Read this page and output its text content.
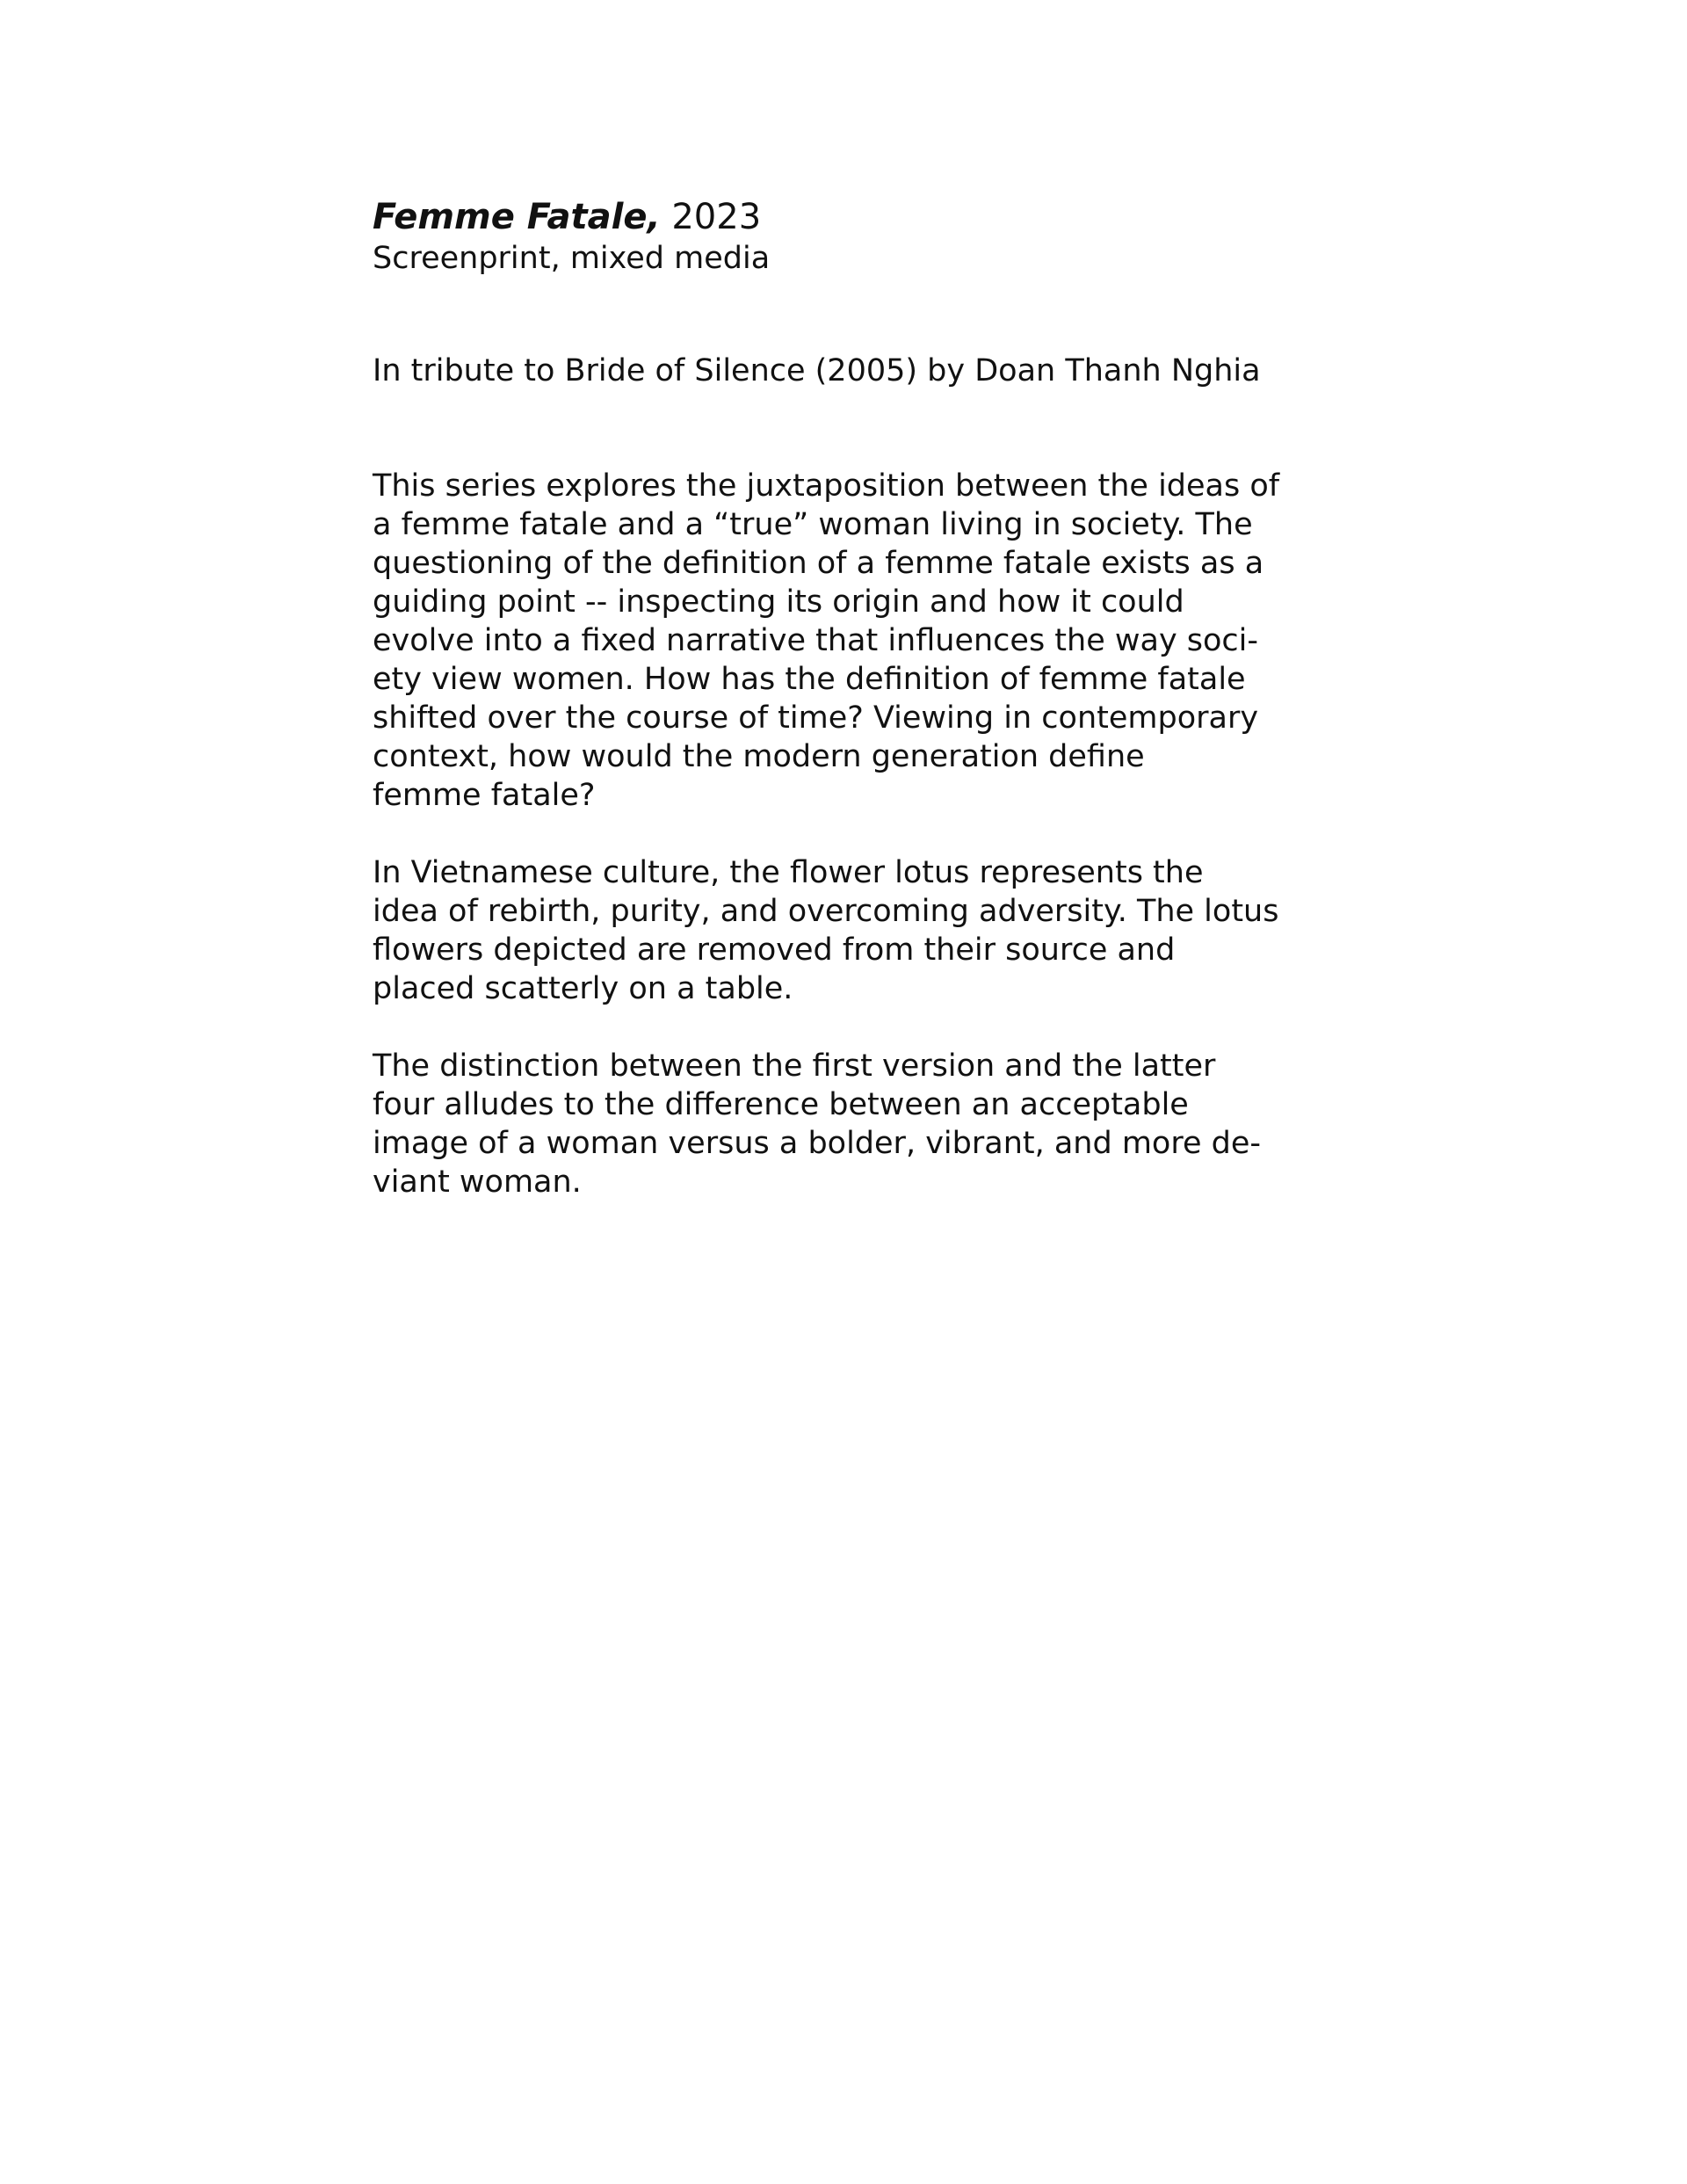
Femme Fatale, 2023
Screenprint, mixed media
In tribute to Bride of Silence (2005) by Doan Thanh Nghia
This series explores the juxtaposition between the ideas of
a femme fatale and a “true” woman living in society. The
questioning of the definition of a femme fatale exists as a
guiding point -- inspecting its origin and how it could
evolve into a fixed narrative that influences the way soci-
ety view women. How has the definition of femme fatale
shifted over the course of time? Viewing in contemporary
context, how would the modern generation define
femme fatale?
In Vietnamese culture, the flower lotus represents the
idea of rebirth, purity, and overcoming adversity. The lotus
flowers depicted are removed from their source and
placed scatterly on a table.
The distinction between the first version and the latter
four alludes to the difference between an acceptable
image of a woman versus a bolder, vibrant, and more de-
viant woman.
